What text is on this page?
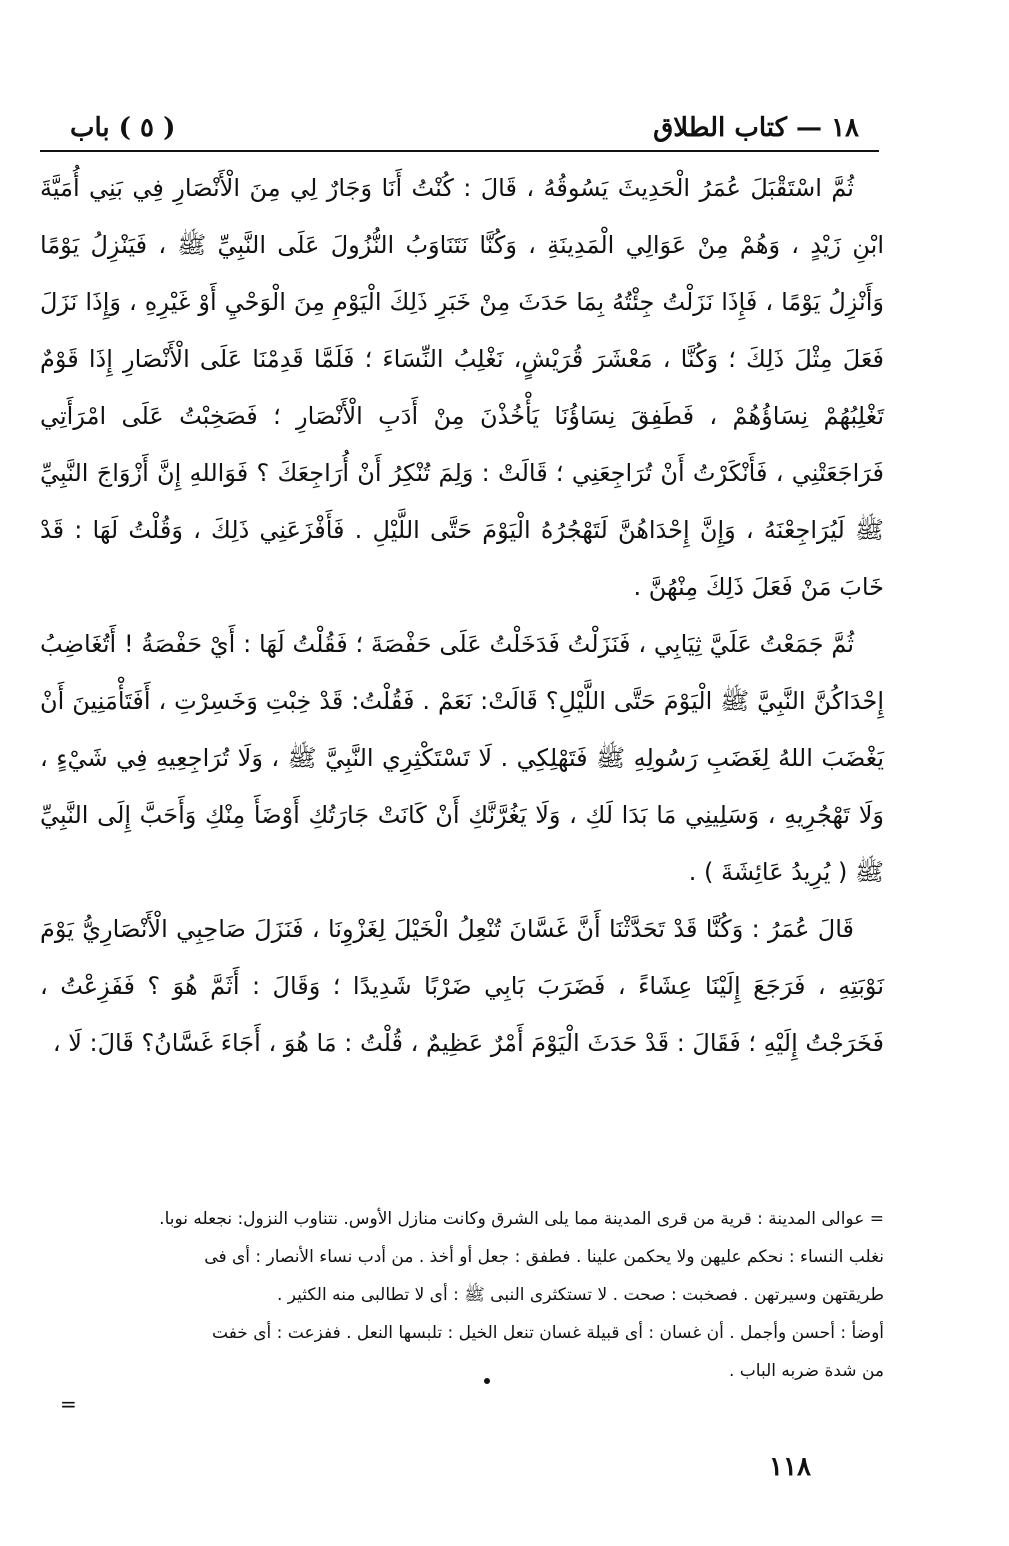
١٨ — كتاب الطلاق
( ٥ ) باب

ثُمَّ اسْتَقْبَلَ عُمَرُ الْحَدِيثَ يَسُوقُهُ ، قَالَ : كُنْتُ أَنَا وَجَارٌ لِي مِنَ الْأَنْصَارِ فِي بَنِي أُمَيَّةَ ابْنِ زَيْدٍ ، وَهُمْ مِنْ عَوَالِي الْمَدِينَةِ ، وَكُنَّا نَتَنَاوَبُ النُّزُولَ عَلَى النَّبِيِّ ﷺ ، فَيَنْزِلُ يَوْمًا وَأَنْزِلُ يَوْمًا ، فَإِذَا نَزَلْتُ جِئْتُهُ بِمَا حَدَثَ مِنْ خَبَرِ ذَلِكَ الْيَوْمِ مِنَ الْوَحْيِ أَوْ غَيْرِهِ ، وَإِذَا نَزَلَ فَعَلَ مِثْلَ ذَلِكَ ؛ وَكُنَّا ، مَعْشَرَ قُرَيْشٍ، نَغْلِبُ النِّسَاءَ ؛ فَلَمَّا قَدِمْنَا عَلَى الْأَنْصَارِ إِذَا قَوْمٌ تَغْلِبُهُمْ نِسَاؤُهُمْ ، فَطَفِقَ نِسَاؤُنَا يَأْخُذْنَ مِنْ أَدَبِ الْأَنْصَارِ ؛ فَصَخِبْتُ عَلَى امْرَأَتِي فَرَاجَعَتْنِي ، فَأَنْكَرْتُ أَنْ تُرَاجِعَنِي ؛ قَالَتْ : وَلِمَ تُنْكِرُ أَنْ أُرَاجِعَكَ ؟ فَوَاللهِ إِنَّ أَزْوَاجَ النَّبِيِّ ﷺ لَيُرَاجِعْنَهُ ، وَإِنَّ إِحْدَاهُنَّ لَتَهْجُرُهُ الْيَوْمَ حَتَّى اللَّيْلِ . فَأَفْزَعَنِي ذَلِكَ ، وَقُلْتُ لَهَا : قَدْ خَابَ مَنْ فَعَلَ ذَلِكَ مِنْهُنَّ .

ثُمَّ جَمَعْتُ عَلَيَّ ثِيَابِي ، فَنَزَلْتُ فَدَخَلْتُ عَلَى حَفْصَةَ ؛ فَقُلْتُ لَهَا : أَيْ حَفْصَةُ ! أَتُغَاضِبُ إِحْدَاكُنَّ النَّبِيَّ ﷺ الْيَوْمَ حَتَّى اللَّيْلِ؟ قَالَتْ: نَعَمْ . فَقُلْتُ: قَدْ خِبْتِ وَخَسِرْتِ ، أَفَتَأْمَنِينَ أَنْ يَغْضَبَ اللهُ لِغَضَبِ رَسُولِهِ ﷺ فَتَهْلِكِي . لَا تَسْتَكْثِرِي النَّبِيَّ ﷺ ، وَلَا تُرَاجِعِيهِ فِي شَيْءٍ ، وَلَا تَهْجُرِيهِ ، وَسَلِينِي مَا بَدَا لَكِ ، وَلَا يَغُرَّنَّكِ أَنْ كَانَتْ جَارَتُكِ أَوْضَأَ مِنْكِ وَأَحَبَّ إِلَى النَّبِيِّ ﷺ ( يُرِيدُ عَائِشَةَ ) .

قَالَ عُمَرُ : وَكُنَّا قَدْ تَحَدَّثْنَا أَنَّ غَسَّانَ تُنْعِلُ الْخَيْلَ لِغَزْوِنَا ، فَنَزَلَ صَاحِبِي الْأَنْصَارِيُّ يَوْمَ نَوْبَتِهِ ، فَرَجَعَ إِلَيْنَا عِشَاءً ، فَضَرَبَ بَابِي ضَرْبًا شَدِيدًا ؛ وَقَالَ : أَثَمَّ هُوَ ؟ فَفَزِعْتُ ، فَخَرَجْتُ إِلَيْهِ ؛ فَقَالَ : قَدْ حَدَثَ الْيَوْمَ أَمْرٌ عَظِيمٌ ، قُلْتُ : مَا هُوَ ، أَجَاءَ غَسَّانُ؟ قَالَ: لَا ،

= عوالى المدينة : قرية من قرى المدينة مما يلى الشرق وكانت منازل الأوس. نتناوب النزول: نجعله نوبا.
نغلب النساء : نحكم عليهن ولا يحكمن علينا . فطفق : جعل أو أخذ . من أدب نساء الأنصار : أى فى
طريقتهن وسيرتهن . فصخبت : صحت . لا تستكثرى النبى ﷺ : أى لا تطالبى منه الكثير .
أوضأ : أحسن وأجمل . أن غسان : أى قبيلة غسان تنعل الخيل : تلبسها النعل . ففزعت : أى خفت
من شدة ضربه الباب .
=
١١٨
